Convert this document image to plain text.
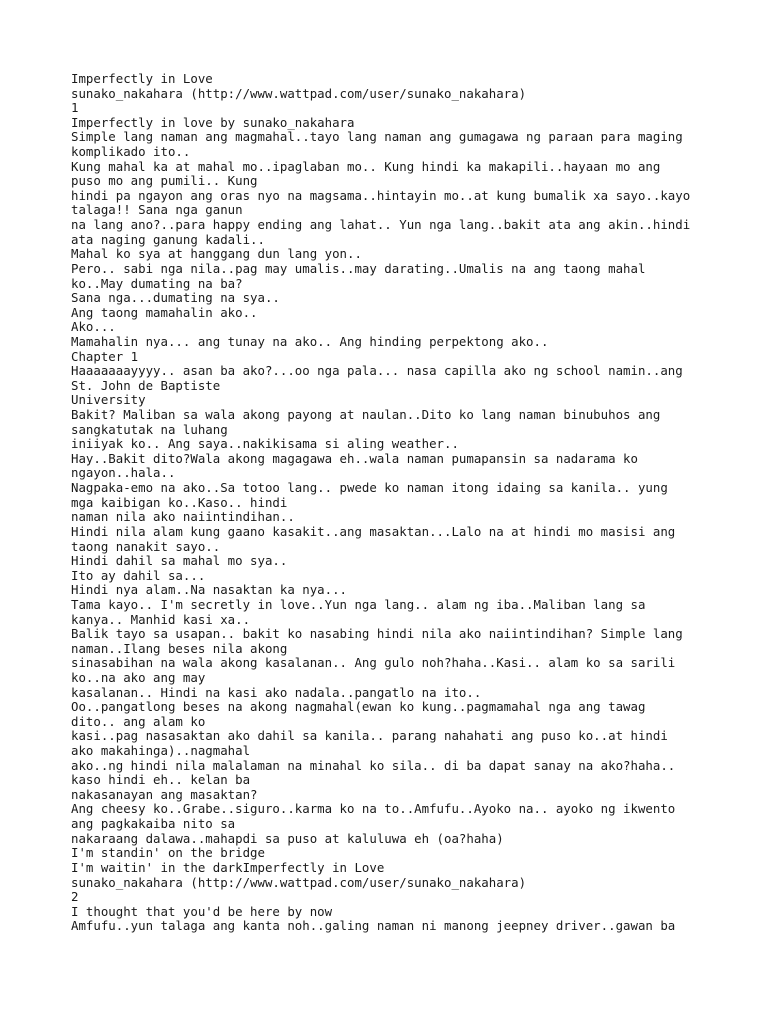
Imperfectly in Love
sunako_nakahara (http://www.wattpad.com/user/sunako_nakahara)
1
Imperfectly in love by sunako_nakahara
Simple lang naman ang magmahal..tayo lang naman ang gumagawa ng paraan para maging
komplikado ito..
Kung mahal ka at mahal mo..ipaglaban mo.. Kung hindi ka makapili..hayaan mo ang
puso mo ang pumili.. Kung
hindi pa ngayon ang oras nyo na magsama..hintayin mo..at kung bumalik xa sayo..kayo
talaga!! Sana nga ganun
na lang ano?..para happy ending ang lahat.. Yun nga lang..bakit ata ang akin..hindi
ata naging ganung kadali..
Mahal ko sya at hanggang dun lang yon..
Pero.. sabi nga nila..pag may umalis..may darating..Umalis na ang taong mahal
ko..May dumating na ba?
Sana nga...dumating na sya..
Ang taong mamahalin ako..
Ako...
Mamahalin nya... ang tunay na ako.. Ang hinding perpektong ako..
Chapter 1
Haaaaaaayyyy.. asan ba ako?...oo nga pala... nasa capilla ako ng school namin..ang
St. John de Baptiste
University
Bakit? Maliban sa wala akong payong at naulan..Dito ko lang naman binubuhos ang
sangkatutak na luhang
iniiyak ko.. Ang saya..nakikisama si aling weather..
Hay..Bakit dito?Wala akong magagawa eh..wala naman pumapansin sa nadarama ko
ngayon..hala..
Nagpaka-emo na ako..Sa totoo lang.. pwede ko naman itong idaing sa kanila.. yung
mga kaibigan ko..Kaso.. hindi
naman nila ako naiintindihan..
Hindi nila alam kung gaano kasakit..ang masaktan...Lalo na at hindi mo masisi ang
taong nanakit sayo..
Hindi dahil sa mahal mo sya..
Ito ay dahil sa...
Hindi nya alam..Na nasaktan ka nya...
Tama kayo.. I'm secretly in love..Yun nga lang.. alam ng iba..Maliban lang sa
kanya.. Manhid kasi xa..
Balik tayo sa usapan.. bakit ko nasabing hindi nila ako naiintindihan? Simple lang
naman..Ilang beses nila akong
sinasabihan na wala akong kasalanan.. Ang gulo noh?haha..Kasi.. alam ko sa sarili
ko..na ako ang may
kasalanan.. Hindi na kasi ako nadala..pangatlo na ito..
Oo..pangatlong beses na akong nagmahal(ewan ko kung..pagmamahal nga ang tawag
dito.. ang alam ko
kasi..pag nasasaktan ako dahil sa kanila.. parang nahahati ang puso ko..at hindi
ako makahinga)..nagmahal
ako..ng hindi nila malalaman na minahal ko sila.. di ba dapat sanay na ako?haha..
kaso hindi eh.. kelan ba
nakasanayan ang masaktan?
Ang cheesy ko..Grabe..siguro..karma ko na to..Amfufu..Ayoko na.. ayoko ng ikwento
ang pagkakaiba nito sa
nakaraang dalawa..mahapdi sa puso at kaluluwa eh (oa?haha)
I'm standin' on the bridge
I'm waitin' in the darkImperfectly in Love
sunako_nakahara (http://www.wattpad.com/user/sunako_nakahara)
2
I thought that you'd be here by now
Amfufu..yun talaga ang kanta noh..galing naman ni manong jeepney driver..gawan ba
